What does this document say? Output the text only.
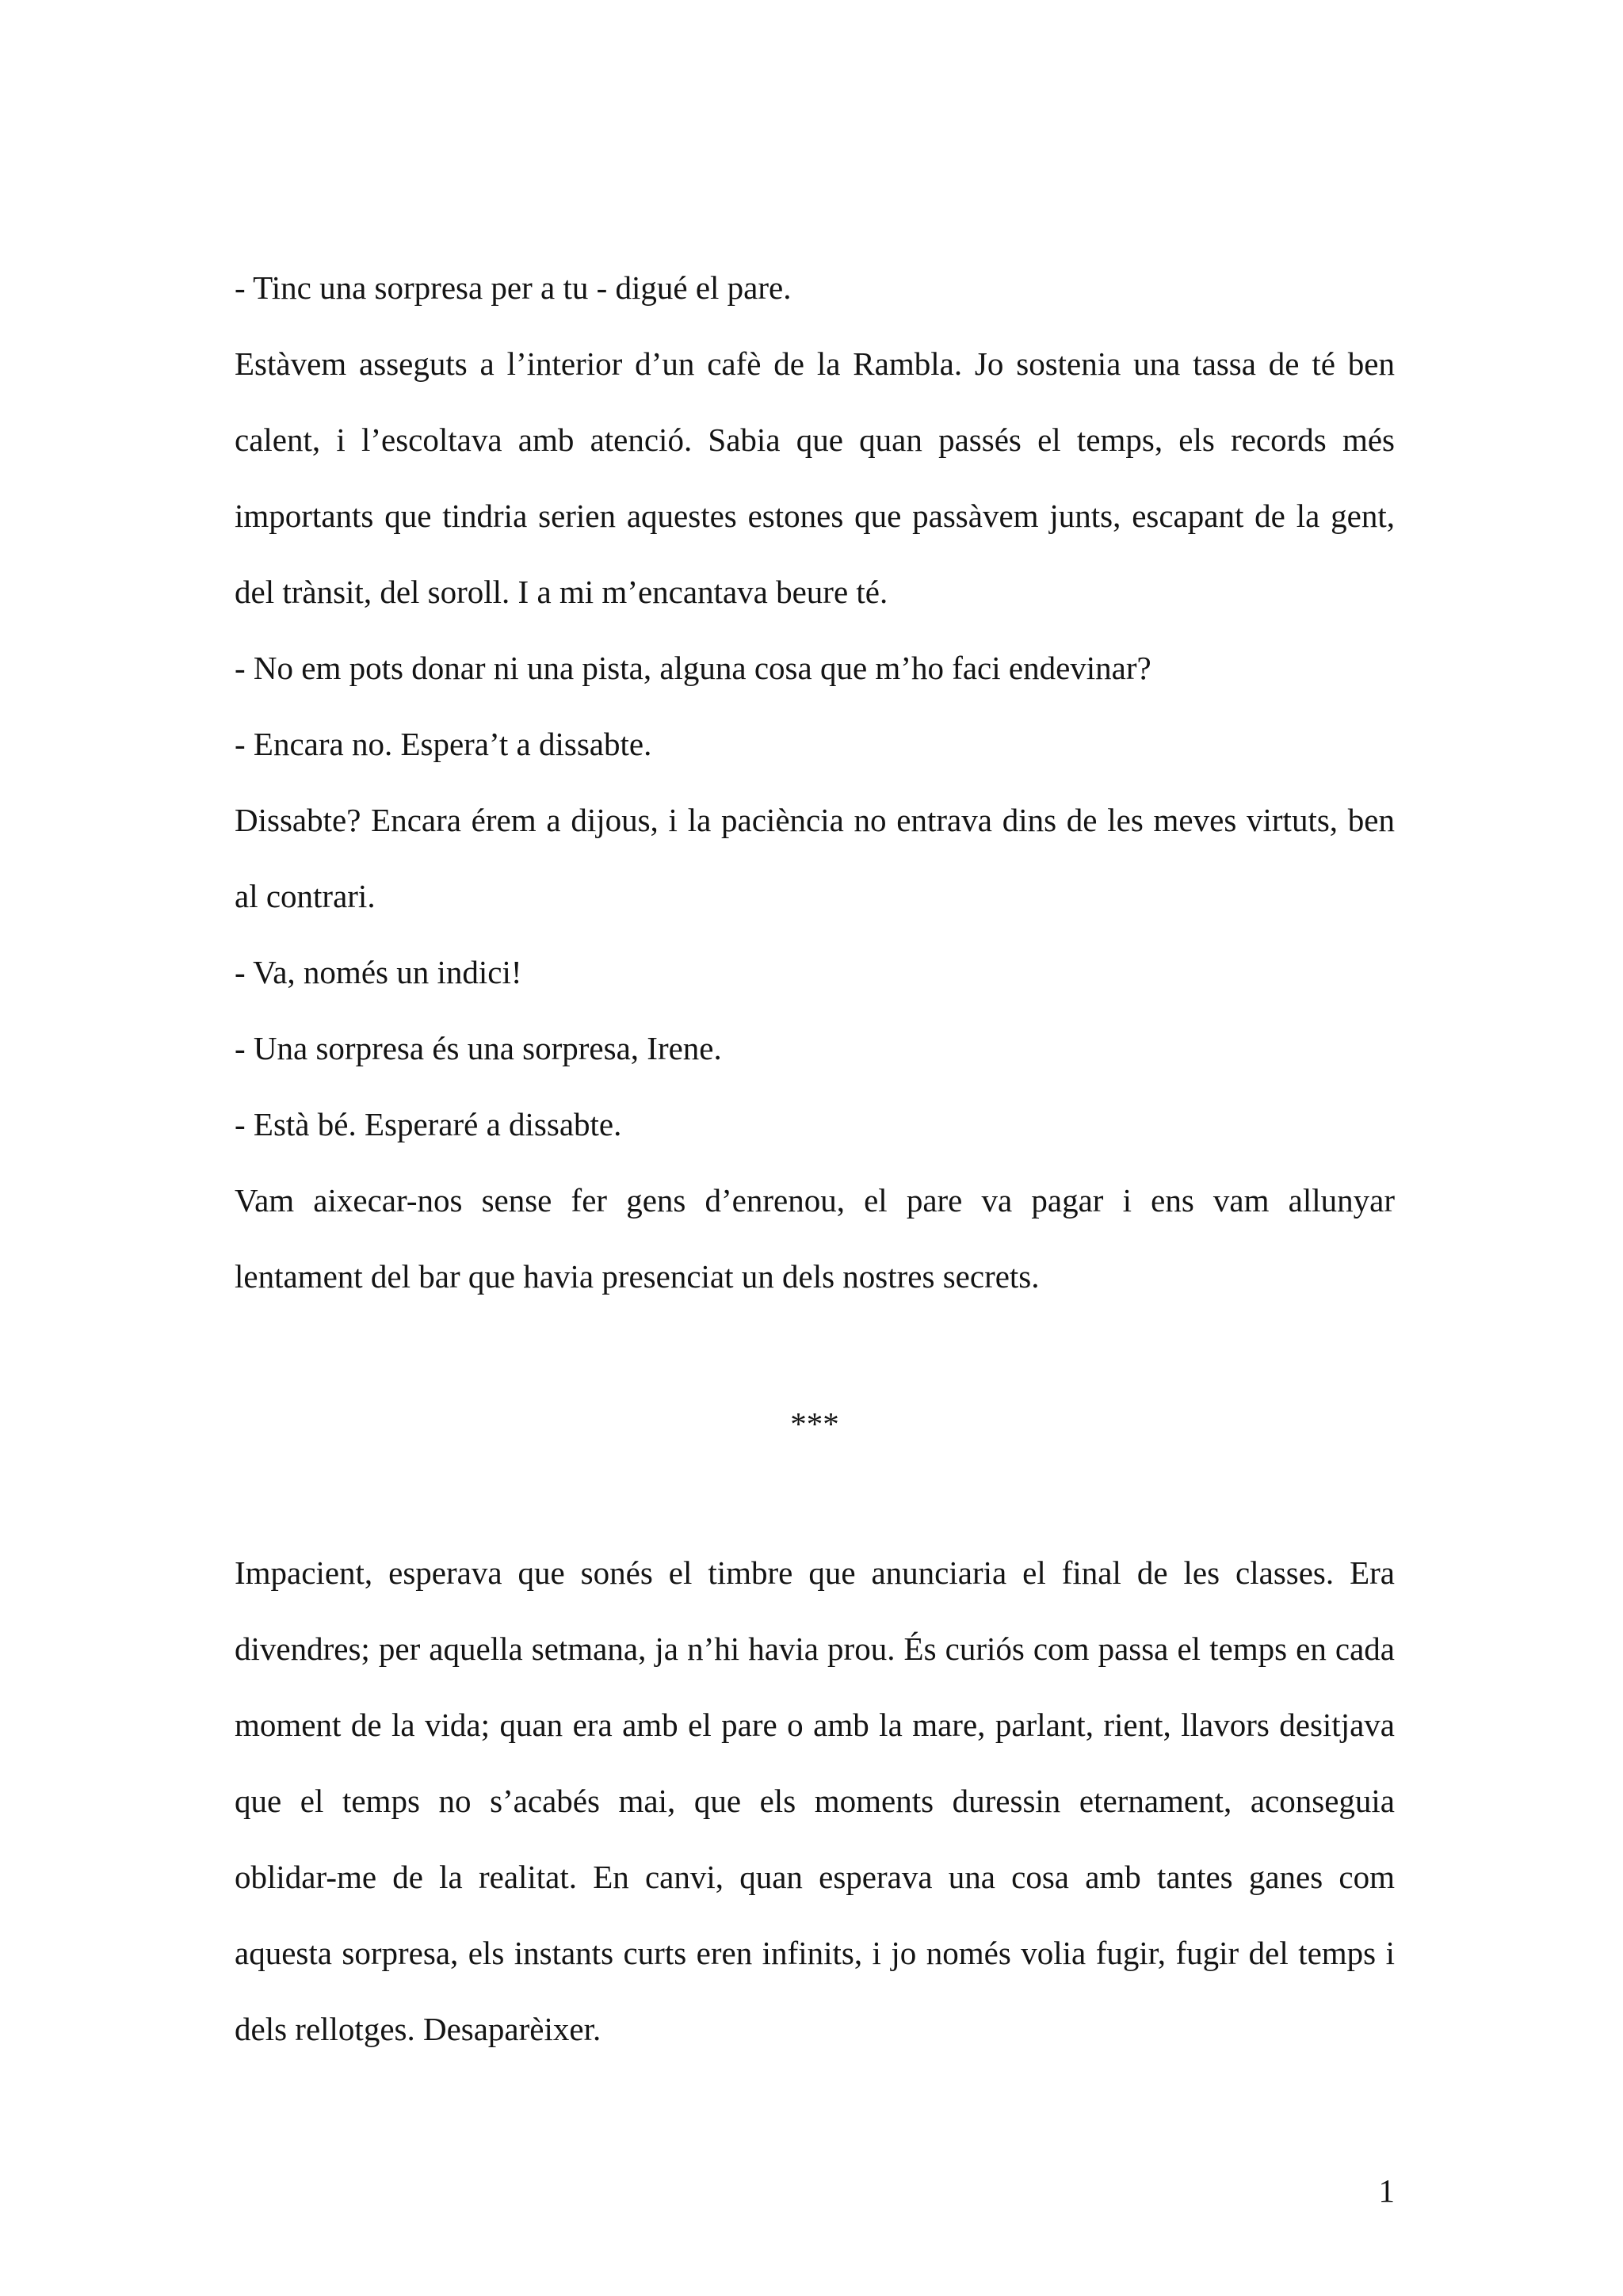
- Tinc una sorpresa per a tu - digué el pare.
Estàvem asseguts a l’interior d’un cafè de la Rambla. Jo sostenia una tassa de té ben
calent, i l’escoltava amb atenció. Sabia que quan passés el temps, els records més
importants que tindria serien aquestes estones que passàvem junts, escapant de la gent,
del trànsit, del soroll. I a mi m’encantava beure té.
- No em pots donar ni una pista, alguna cosa que m’ho faci endevinar?
- Encara no. Espera’t a dissabte.
Dissabte? Encara érem a dijous, i la paciència no entrava dins de les meves virtuts, ben
al contrari.
- Va, només un indici!
- Una sorpresa és una sorpresa, Irene.
- Està bé. Esperaré a dissabte.
Vam aixecar-nos sense fer gens d’enrenou, el pare va pagar i ens vam allunyar
lentament del bar que havia presenciat un dels nostres secrets.
***
Impacient, esperava que sonés el timbre que anunciaria el final de les classes. Era
divendres; per aquella setmana, ja n’hi havia prou. És curiós com passa el temps en cada
moment de la vida; quan era amb el pare o amb la mare, parlant, rient, llavors desitjava
que el temps no s’acabés mai, que els moments duressin eternament, aconseguia
oblidar-me de la realitat. En canvi, quan esperava una cosa amb tantes ganes com
aquesta sorpresa, els instants curts eren infinits, i jo només volia fugir, fugir del temps i
dels rellotges. Desaparèixer.
1
